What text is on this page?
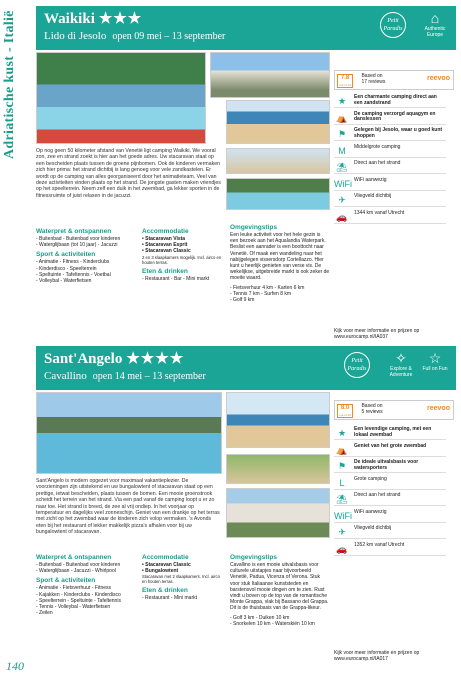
Adriatische kust - Italië
140
Waikiki ★★★
Lido di Jesolo open 09 mei – 13 september
Petit Paradis
⌂
Authentic Europe
Op nog geen 50 kilometer afstand van Venetië ligt camping Waikiki. We vooral zon, zee en strand zoekt is hier aan het goede adres. Uw stacaravan staat op een bescheiden plaats tussen de groene pijnbomen. Ook de kinderen vermaken zich hier prima: het strand dichtbij is lang genoeg voor vele zandkastelen. Er wordt op de camping van alles georganiseerd door het animatieteam. Veel van deze activiteiten vinden plaats op het strand. De jongste gasten maken vriendjes op het speelterrein. Neem zelf een duik in het zwembad, ga lekker sporten in de fitnessruimte of juist relaxen in de jacuzzi.
Waterpret & ontspannen
- Buitenbad - Buitenbad voor kinderen
- Waterglijbaan (tot 10 jaar) - Jacuzzi
Sport & activiteiten
- Animatie - Fitness - Kinderclubs
- Kinderdisco - Speelterrein
- Speltuinte - Tafeltennis - Voetbal
- Volleybal - Waterfietsen
Accommodatie
• Stacaravan Vista
• Stacaravan Esprit
• Stacaravan Classic
2 en 3 slaapkamers mogelijk. Incl. airco en houten terras.
Eten & drinken
- Restaurant - Bar - Mini markt
Omgevingstips
Een leuke activiteit voor het hele gezin is een bezoek aan het Aqualandia Waterpark. Beslist een aanrader is een boottocht naar Venetië. Of maak een wandeling naar het nabijgelegen vissersdorp Cortellazzo. Hier kunt u heerlijk genieten van verse vis. De wekelijkse, uitgebreide markt is ook zeker de moeite waard.
- Fietsverhuur 4 km - Karten 6 km
- Tennis 7 km - Surfen 8 km
- Golf 9 km
7.8
out of 10 Based on
17 reviews	reevoo
★	Een charmante camping direct aan een zandstrand
⛺	De camping verzorgd aquagym en danslessen
⚑	Gelegen bij Jesolo, waar u goed kunt shoppen
M	Middelgrote camping
⛱	Direct aan het strand
WiFi WiFi aanwezig
✈	Vliegveld dichtbij
🚗	1344 km vanaf Utrecht
Kijk voor meer informatie en prijzen op www.eurocamp.nl/IA037
Sant'Angelo ★★★★
Cavallino open 14 mei – 13 september
Petit Paradis
✧
Explore & Adventure
☆
Full on Fun
Sant'Angelo is modern opgezet voor maximaal vakantieplezier. De voorzieningen zijn uitstekend en uw bungalowtent of stacaravan staat op een prettige, ietwat bescheiden, plaats tussen de bomen. Een mooie groenstrook scheidt het terrein van het strand. Via een pad vanaf de camping loopt u er zo naar toe. Het strand is breed, de zee al vrij ondiep. In het voorjaar op temperatuur en dagelijks veel zonneschijn. Geniet van een drankje op het terras met zicht op het zwembad waar de kinderen zich volop vermaken. 's Avonds eten bij het restaurant of lekker makkelijk pizza's afhalen voor bij uw bungalowtent of stacaravan.
Waterpret & ontspannen
- Buitenbad - Buitenbad voor kinderen
- Waterglijbaan - Jacuzzi - Whirlpool
Sport & activiteiten
- Animatie - Fietsverhuur - Fitness
- Kajakken - Kinderclubs - Kinderdisco
- Speelterrein - Speltuinte - Tafeltennis
- Tennis - Volleybal - Waterfietsen
- Zeilen
Accommodatie
• Stacaravan Classic
• Bungalowtent
Stacaravan met 2 slaapkamers. Incl. airco en houten terras.
Eten & drinken
- Restaurant - Mini markt
Omgevingstips
Cavallino is een mooie uitvalsbasis voor culturele uitstapjes naar bijvoorbeeld Venetië, Padua, Vicenza of Verona. Stuk voor stuk Italiaanse kunststeden en barstensvol mooie dingen om te zien. Rust vindt u boven op de top van de romantische Monte Grappa, vlak bij Bassano del Grappa. Dit is de thuisbasis van de Grappa-likeur.
- Golf 3 km - Duiken 10 km
- Snorkelen 10 km - Waterskiën 10 km
8.0
out of 10 Based on
5 reviews	reevoo
★	Een levendige camping, met een lokaal zwembad
⛺	Geniet van het grote zwembad
⚑	De ideale uitvalsbasis voor watersporters
L	Grote camping
⛱	Direct aan het strand
WiFi WiFi aanwezig
✈	Vliegveld dichtbij
🚗	1352 km vanaf Utrecht
Kijk voor meer informatie en prijzen op www.eurocamp.nl/IA017
